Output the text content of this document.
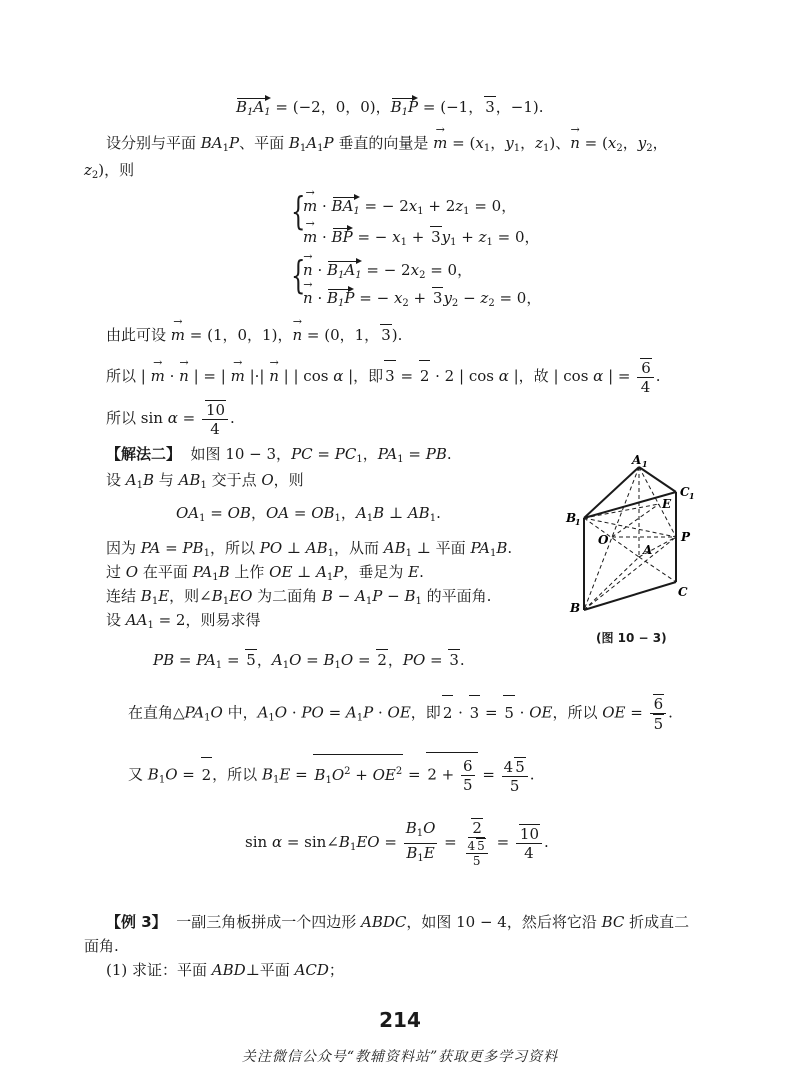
$B_1A_1 = (-2$，0，0)，$B_1P = (-1$， 3，−1).
设分别与平面 $BA_1P$、平面 $B_1A_1P$ 垂直的向量是 m → = ($x_1$，$y_1$，$z_1$)、n → = ($x_2$，$y_2$，
$z_2$)，则
{
m → · $BA_1$ = − $2x_1 + 2z_1 = 0$，
m → · BP = − $x_1 + 3y_1 + z_1 = 0$，
{
n → · $B_1A_1$ = − $2x_2 = 0$，
n → · $B_1P$ = − $x_2 + 3y_2 - z_2 = 0$，
由此可设 m → = (1，0，1)，n → = (0，1， 3).
所以 | m → · n → | = | m → |·| n → | | cos α |，即 3 = 2 · 2 | cos α |，故 | cos α | = $\frac{6}{4}$ .
所以 $\sin \alpha = \frac{10}{4}$ .
【解法二】  如图 10 − 3，PC = $PC_1$，$PA_1$ = PB.
设 $A_1B$ 与 $AB_1$ 交于点 O，则
$OA_1$ = OB，OA = $OB_1$，$A_1B$ ⊥ $AB_1$.
因为 PA = $PB_1$，所以 PO ⊥ $AB_1$，从而 $AB_1$ ⊥ 平面 $PA_1B$.
过 O 在平面 $PA_1B$ 上作 OE ⊥ $A_1P$，垂足为 E.
连结 $B_1E$，则$\angle B_1EO$ 为二面角 $B - A_1P - B_1$ 的平面角.
设 $AA_1 = 2$，则易求得
PB = $PA_1 = 5$，$A_1O = B_1O = 2$，PO = 3.
在直角$\triangle PA_1O$ 中，$A_1O$ · PO = $A_1P$ · OE，即 2 · 3 = 5 · OE，所以 OE = $\frac{6}{5}$ .
又 $B_1O = 2$，所以 $B_1E = B_1O^2 + OE^2 = 2 + \frac{6}{5} = \frac{4 5}{5}$ .
$\sin \alpha = \sin\angle B_1EO = \frac{B_1O}{B_1E} = \frac{2}{\frac{4 5}{5}} = \frac{10}{4}$ .
【例 3】  一副三角板拼成一个四边形 ABDC，如图 10 − 4，然后将它沿 BC 折成直二
面角.
(1) 求证：平面 ABD⊥平面 ACD；
A 1
C 1
B
1
E
O
A
P
B
C
(图 10 − 3)
214
关注微信公众号“教辅资料站”获取更多学习资料
